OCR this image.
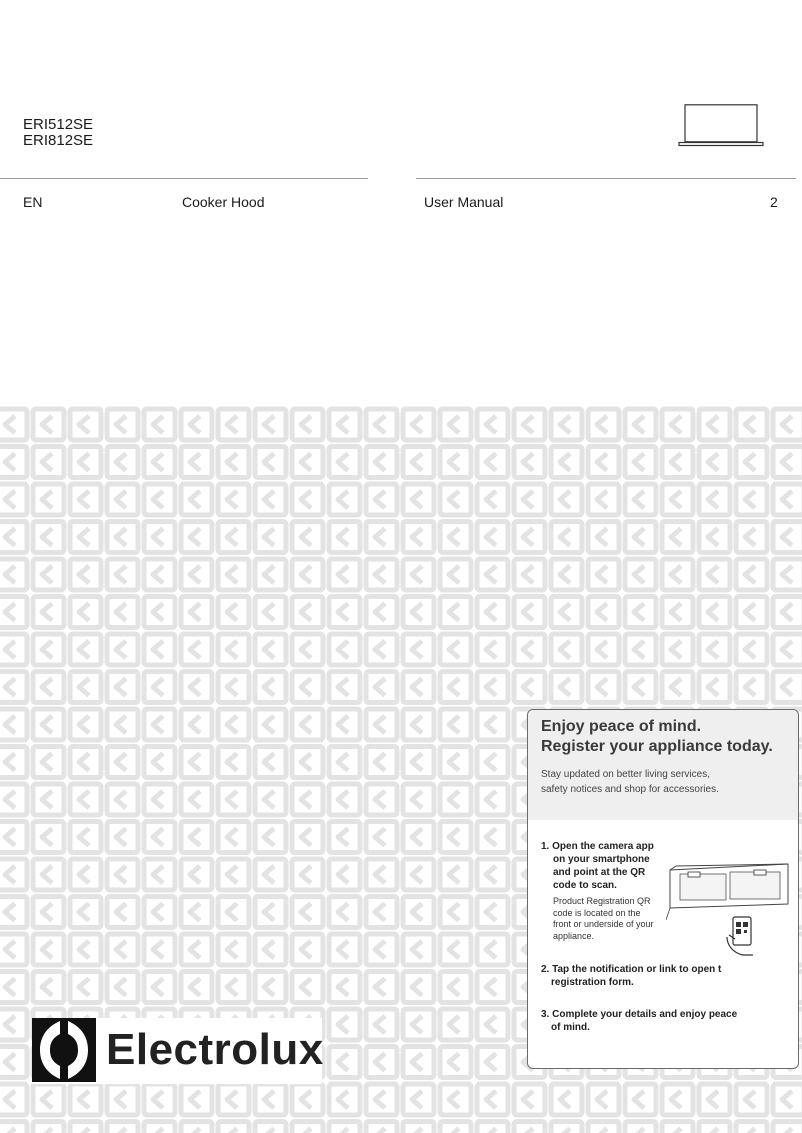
ERI512SE
ERI812SE
EN	Cooker Hood	User Manual	2
Electrolux
Enjoy peace of mind.
Register your appliance today.
Stay updated on better living services,
safety notices and shop for accessories.
1. Open the camera app
on your smartphone
and point at the QR
code to scan.
Product Registration QR
code is located on the
front or underside of your
appliance.
2. Tap the notification or link to open t
registration form.
3. Complete your details and enjoy peace
of mind.
